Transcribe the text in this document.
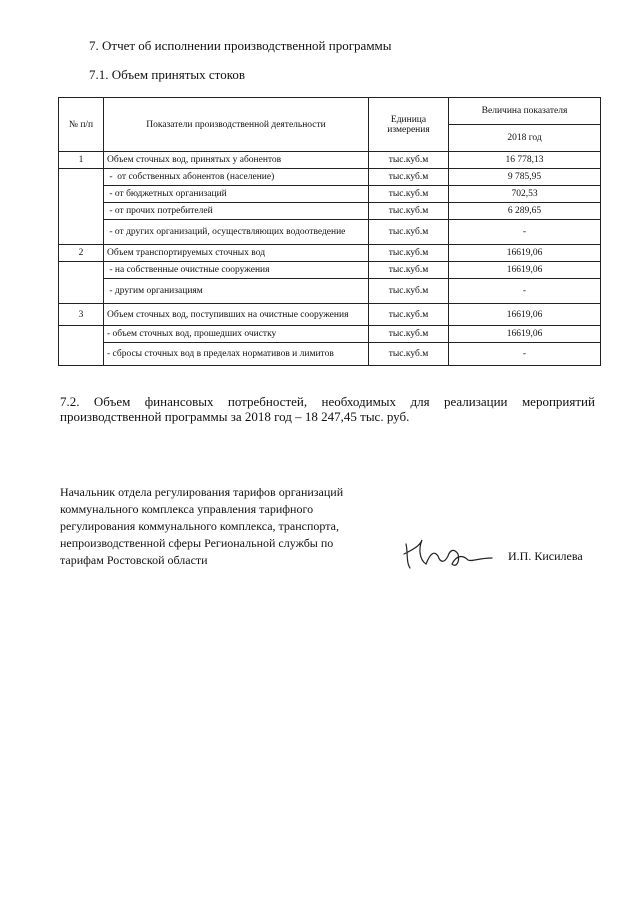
7. Отчет об исполнении производственной программы
7.1. Объем принятых стоков
№ п/п	Показатели производственной деятельности	Единица измерения	Величина показателя
			2018 год
1	Объем сточных вод, принятых у абонентов	тыс.куб.м	16 778,13
	-  от собственных абонентов (население)	тыс.куб.м	9 785,95
	- от бюджетных организаций	тыс.куб.м	702,53
	- от прочих потребителей	тыс.куб.м	6 289,65
	- от других организаций, осуществляющих водоотведение	тыс.куб.м	-
2	Объем транспортируемых сточных вод	тыс.куб.м	16619,06
	- на собственные очистные сооружения	тыс.куб.м	16619,06
	- другим организациям	тыс.куб.м	-
3	Объем сточных вод, поступивших на очистные сооружения	тыс.куб.м	16619,06
	- объем сточных вод, прошедших очистку	тыс.куб.м	16619,06
	- сбросы сточных вод в пределах нормативов и лимитов	тыс.куб.м	-
7.2. Объем финансовых потребностей, необходимых для реализации мероприятий
производственной программы за 2018 год – 18 247,45 тыс. руб.
Начальник отдела регулирования тарифов организаций
коммунального комплекса управления тарифного
регулирования коммунального комплекса, транспорта,
непроизводственной сферы Региональной службы по
тарифам Ростовской области	И.П. Кисилева
